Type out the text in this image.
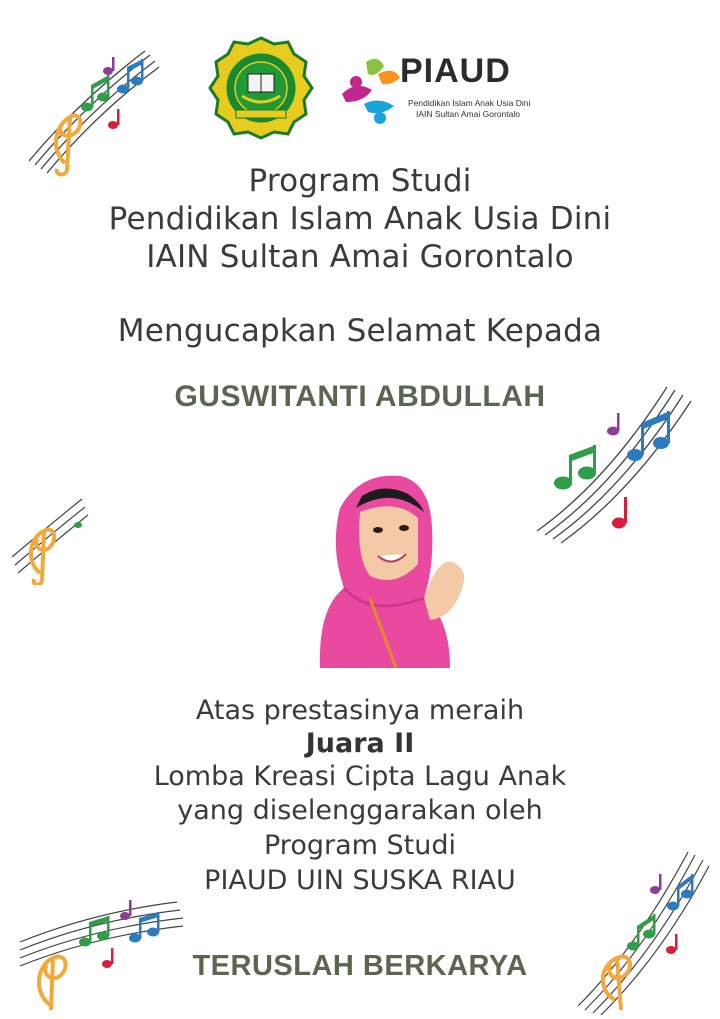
PIAUD
Pendidikan Islam Anak Usia Dini
IAIN Sultan Amai Gorontalo
Program Studi
Pendidikan Islam Anak Usia Dini
IAIN Sultan Amai Gorontalo
Mengucapkan Selamat Kepada
GUSWITANTI ABDULLAH
Atas prestasinya meraih
Juara II
Lomba Kreasi Cipta Lagu Anak
yang diselenggarakan oleh
Program Studi
PIAUD UIN SUSKA RIAU
TERUSLAH BERKARYA
